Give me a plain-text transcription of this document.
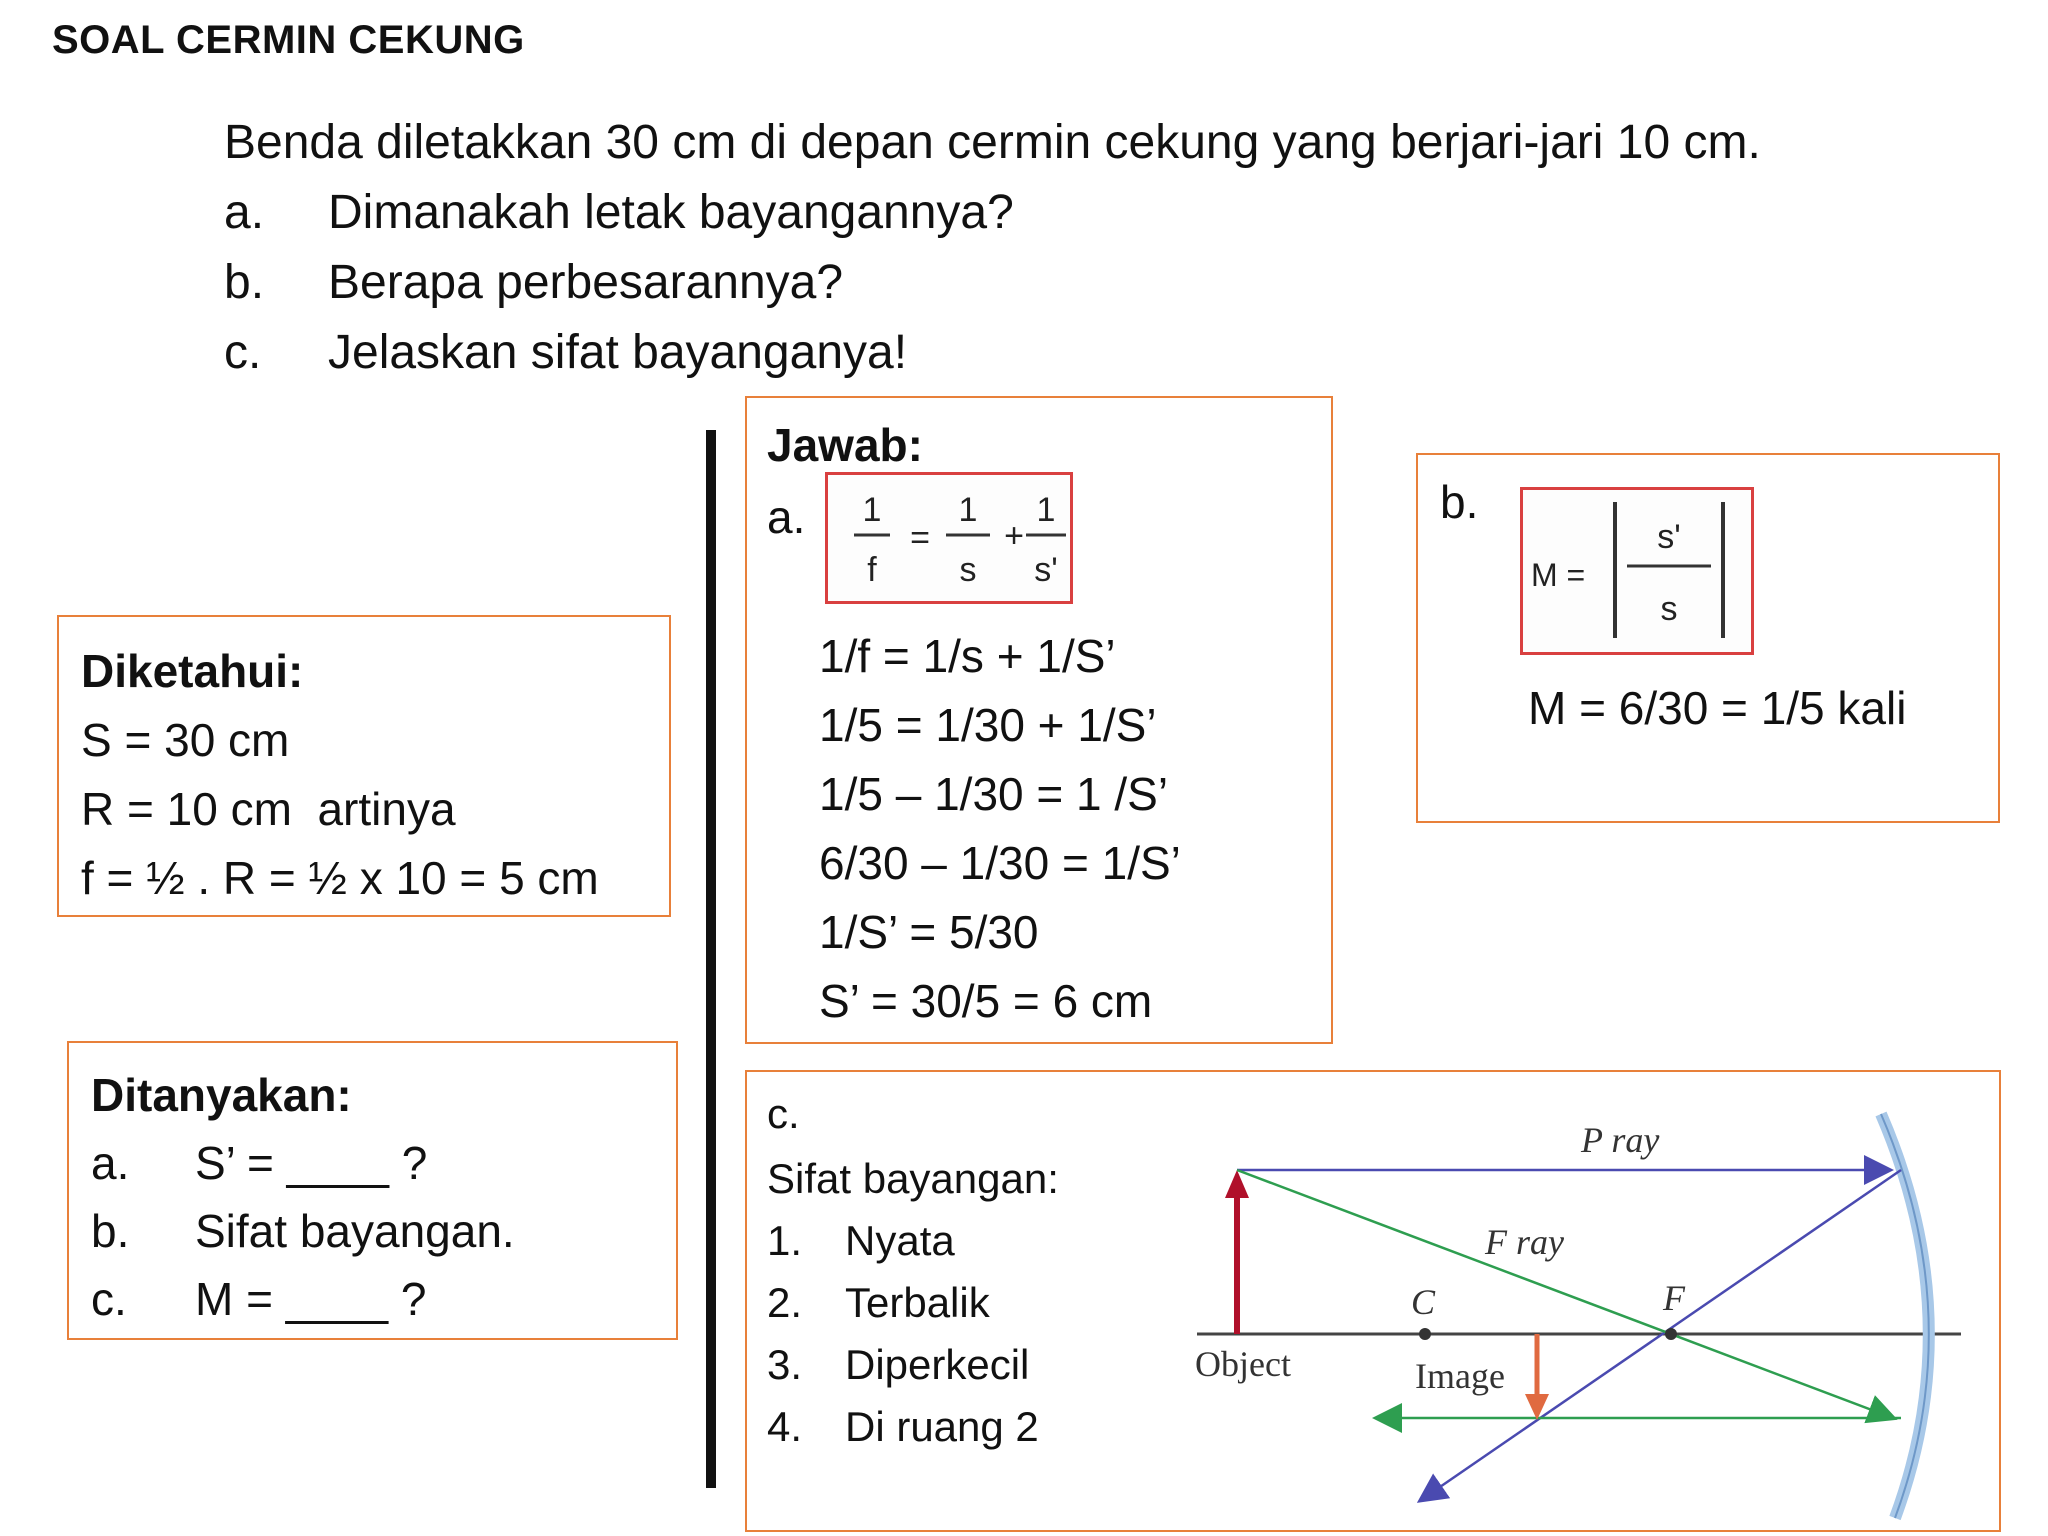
SOAL CERMIN CEKUNG
Benda diletakkan 30 cm di depan cermin cekung yang berjari-jari 10 cm.
a.	Dimanakah letak bayangannya?
b.	Berapa perbesarannya?
c.	Jelaskan sifat bayanganya!
Diketahui:
S = 30 cm
R = 10 cm  artinya
f = ½ . R = ½ x 10 = 5 cm
Ditanyakan:
a.	S’ = ____ ?
b.	Sifat bayangan.
c.	M = ____ ?
Jawab:
a. 1
f
=
1
s
+
1
s'
1/f = 1/s + 1/S’
1/5 = 1/30 + 1/S’
1/5 – 1/30 = 1 /S’
6/30 – 1/30 = 1/S’
1/S’ = 5/30
S’ = 30/5 = 6 cm
b.
M =
s'
s
M = 6/30 = 1/5 kali
c.
Sifat bayangan:
1.	Nyata
2.	Terbalik
3.	Diperkecil
4.	Di ruang 2
P ray
F ray
C	F
Object	Image
